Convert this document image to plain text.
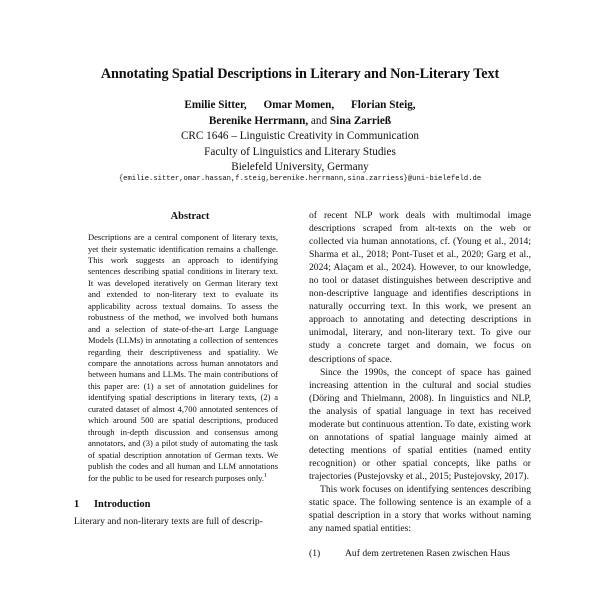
Annotating Spatial Descriptions in Literary and Non-Literary Text
Emilie Sitter, Omar Momen, Florian Steig,
Berenike Herrmann, and Sina Zarrieß
CRC 1646 – Linguistic Creativity in Communication
Faculty of Linguistics and Literary Studies
Bielefeld University, Germany
{emilie.sitter,omar.hassan,f.steig,berenike.herrmann,sina.zarriess}@uni-bielefeld.de
Abstract

Descriptions are a central component of literary texts, yet their systematic identification remains a challenge. This work suggests an approach to identifying sentences describing spatial conditions in literary text. It was developed iteratively on German literary text and extended to non-literary text to evaluate its applicability across textual domains. To assess the robustness of the method, we involved both humans and a selection of state-of-the-art Large Language Models (LLMs) in annotating a collection of sentences regarding their descriptiveness and spatiality. We compare the annotations across human annotators and between humans and LLMs. The main contributions of this paper are: (1) a set of annotation guidelines for identifying spatial descriptions in literary texts, (2) a curated dataset of almost 4,700 annotated sentences of which around 500 are spatial descriptions, produced through in-depth discussion and consensus among annotators, and (3) a pilot study of automating the task of spatial description annotation of German texts. We publish the codes and all human and LLM annotations for the public to be used for research purposes only.$^1$

1 Introduction

Literary and non-literary texts are full of descrip-

of recent NLP work deals with multimodal image descriptions scraped from alt-texts on the web or collected via human annotations, cf. (Young et al., 2014; Sharma et al., 2018; Pont-Tuset et al., 2020; Garg et al., 2024; Alaçam et al., 2024). However, to our knowledge, no tool or dataset distinguishes between descriptive and non-descriptive language and identifies descriptions in naturally occurring text. In this work, we present an approach to annotating and detecting descriptions in unimodal, literary, and non-literary text. To give our study a concrete target and domain, we focus on descriptions of space.

Since the 1990s, the concept of space has gained increasing attention in the cultural and social studies (Döring and Thielmann, 2008). In linguistics and NLP, the analysis of spatial language in text has received moderate but continuous attention. To date, existing work on annotations of spatial language mainly aimed at detecting mentions of spatial entities (named entity recognition) or other spatial concepts, like paths or trajectories (Pustejovsky et al., 2015; Pustejovsky, 2017).

This work focuses on identifying sentences describing static space. The following sentence is an example of a spatial description in a story that works without naming any named spatial entities:

(1)	Auf dem zertretenen Rasen zwischen Haus
